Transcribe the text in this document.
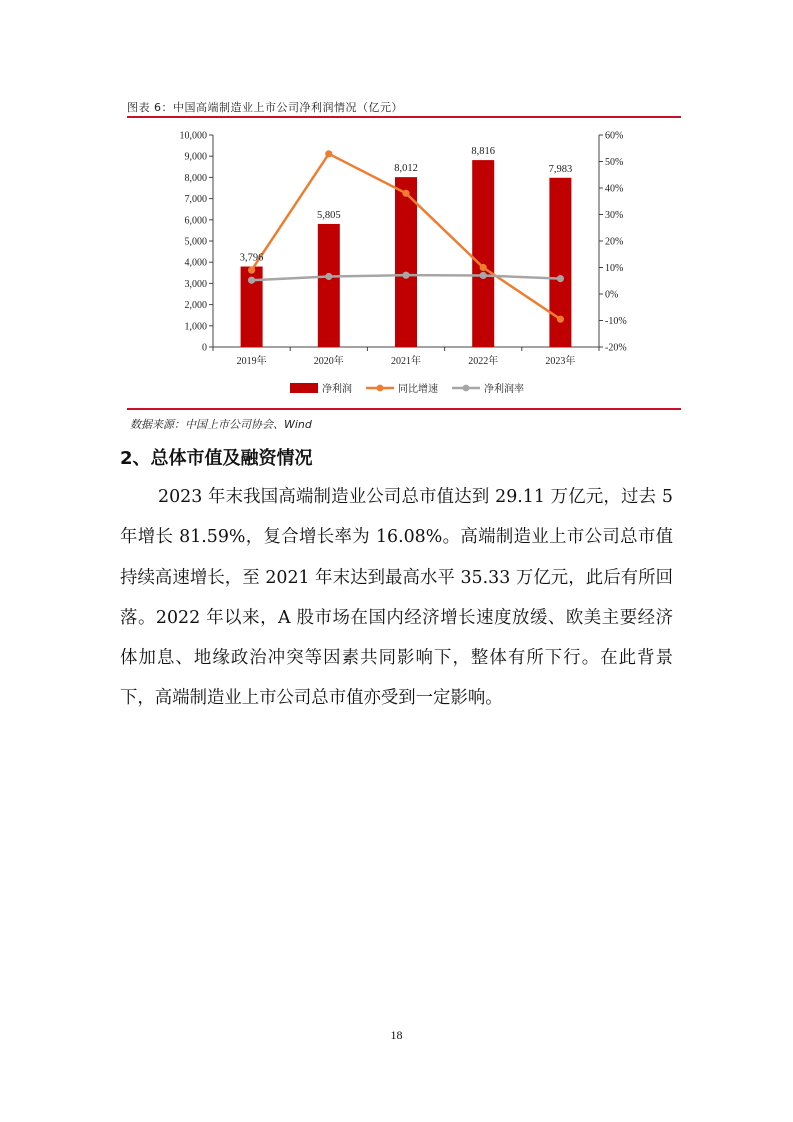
图表 6：中国高端制造业上市公司净利润情况（亿元）
0
1,000
2,000
3,000
4,000
5,000
6,000
7,000
8,000
9,000
10,000
-20%
-10%
0%
10%
20%
30%
40%
50%
60%
2019年	2020年	2021年	2022年	2023年
3,796
5,805
8,012
8,816
7,983
净利润	同比增速	净利润率
数据来源：中国上市公司协会、Wind
2、总体市值及融资情况
2023 年末我国高端制造业公司总市值达到 29.11 万亿元，过去 5 年增长 81.59%，复合增长率为 16.08%。高端制造业上市公司总市值持续高速增长，至 2021 年末达到最高水平 35.33 万亿元，此后有所回落。2022 年以来，A 股市场在国内经济增长速度放缓、欧美主要经济体加息、地缘政治冲突等因素共同影响下，整体有所下行。在此背景下，高端制造业上市公司总市值亦受到一定影响。
18
